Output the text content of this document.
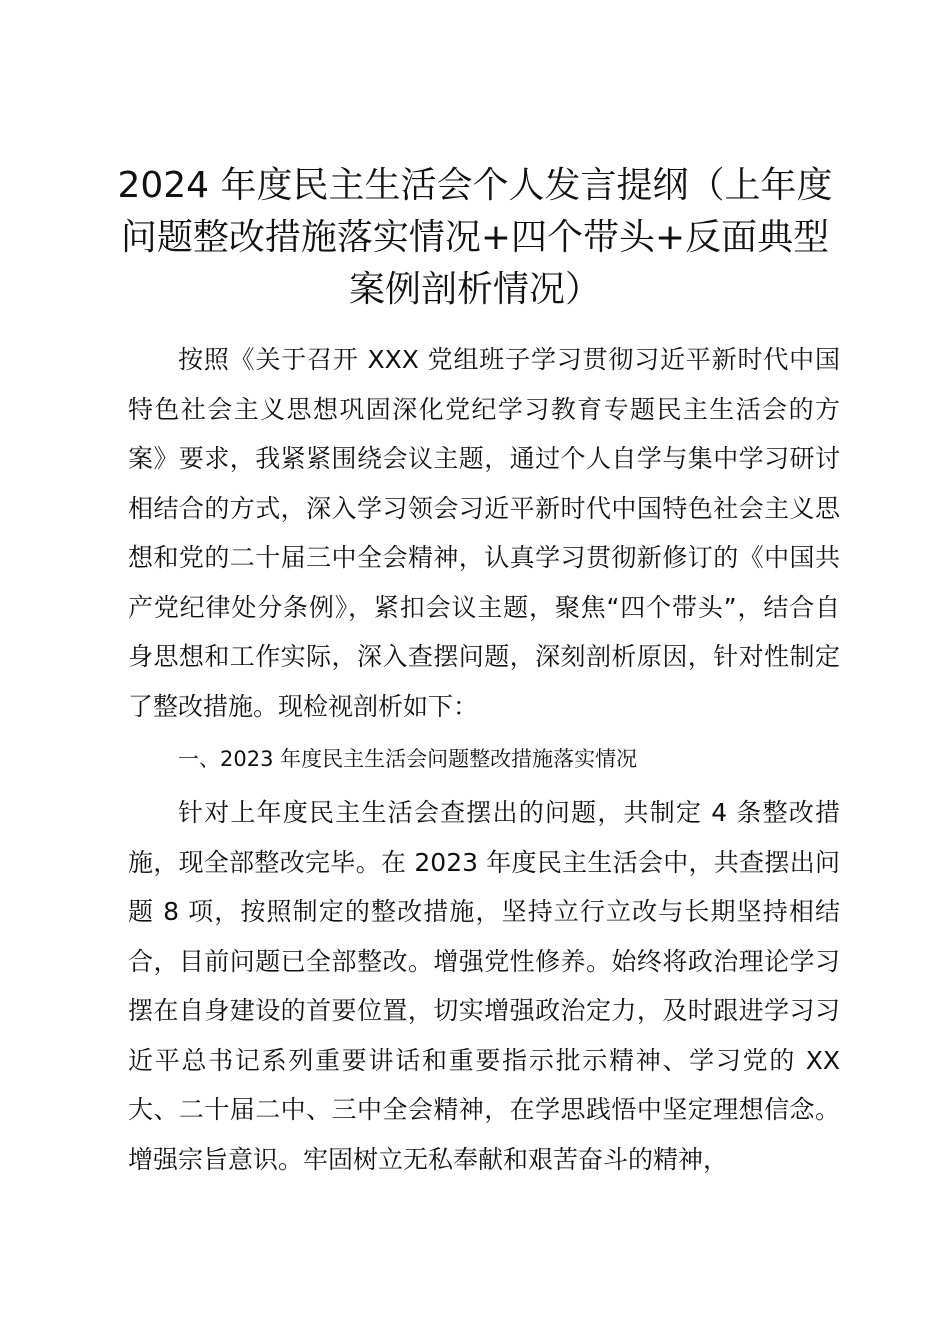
2024 年度民主生活会个人发言提纲（上年度问题整改措施落实情况+四个带头+反面典型案例剖析情况）

按照《关于召开 XXX 党组班子学习贯彻习近平新时代中国特色社会主义思想巩固深化党纪学习教育专题民主生活会的方案》要求，我紧紧围绕会议主题，通过个人自学与集中学习研讨相结合的方式，深入学习领会习近平新时代中国特色社会主义思想和党的二十届三中全会精神，认真学习贯彻新修订的《中国共产党纪律处分条例》，紧扣会议主题，聚焦“四个带头”，结合自身思想和工作实际，深入查摆问题，深刻剖析原因，针对性制定了整改措施。现检视剖析如下：

一、2023 年度民主生活会问题整改措施落实情况

针对上年度民主生活会查摆出的问题，共制定 4 条整改措施，现全部整改完毕。在 2023 年度民主生活会中，共查摆出问题 8 项，按照制定的整改措施，坚持立行立改与长期坚持相结合，目前问题已全部整改。增强党性修养。始终将政治理论学习摆在自身建设的首要位置，切实增强政治定力，及时跟进学习习近平总书记系列重要讲话和重要指示批示精神、学习党的 XX 大、二十届二中、三中全会精神，在学思践悟中坚定理想信念。增强宗旨意识。牢固树立无私奉献和艰苦奋斗的精神，
